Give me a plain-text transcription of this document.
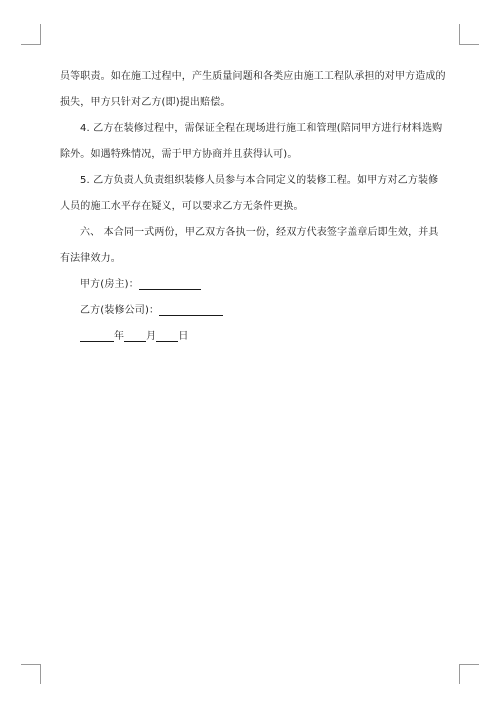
员等职责。如在施工过程中，产生质量问题和各类应由施工工程队承担的对甲方造成的损失，甲方只针对乙方(即)提出赔偿。

4. 乙方在装修过程中，需保证全程在现场进行施工和管理(陪同甲方进行材料选购除外。如遇特殊情况，需于甲方协商并且获得认可)。

5. 乙方负责人负责组织装修人员参与本合同定义的装修工程。如甲方对乙方装修人员的施工水平存在疑义，可以要求乙方无条件更换。

六、 本合同一式两份，甲乙双方各执一份，经双方代表签字盖章后即生效，并具有法律效力。

甲方(房主)：

乙方(装修公司)：

年 月 日
